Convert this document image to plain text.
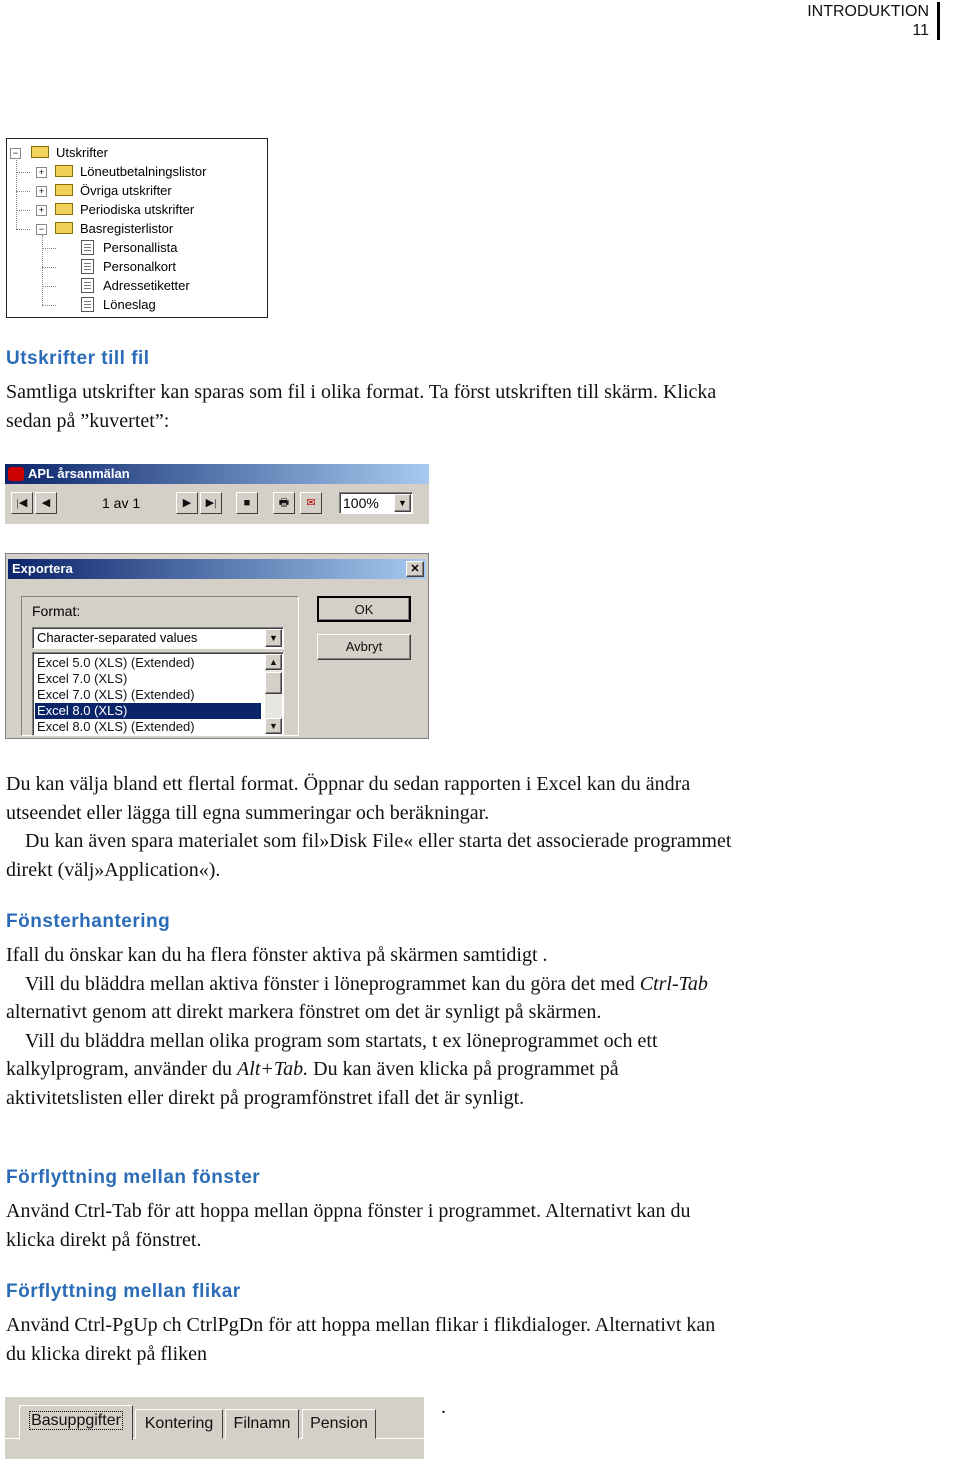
INTRODUKTION
11
−	Utskrifter
+	Löneutbetalningslistor
+	Övriga utskrifter
+	Periodiska utskrifter
−	Basregisterlistor
Personallista
Personalkort
Adressetiketter
Löneslag
Utskrifter till fil

Samtliga utskrifter kan sparas som fil i olika format. Ta först utskriften till skärm. Klicka sedan på ”kuvertet”:

APL årsanmälan
|◀	◀	1 av 1	▶	▶|	■	🖶	✉	100%	▼
Exportera	✕
Format:
Character-separated values	▼
Excel 5.0 (XLS) (Extended)
Excel 7.0 (XLS)
Excel 7.0 (XLS) (Extended)
Excel 8.0 (XLS)
Excel 8.0 (XLS) (Extended)
▲
▼
OK
Avbryt

Du kan välja bland ett flertal format. Öppnar du sedan rapporten i Excel kan du ändra utseendet eller lägga till egna summeringar och beräkningar.

Du kan även spara materialet som fil»Disk File« eller starta det associerade programmet direkt (välj»Application«).

Fönsterhantering

Ifall du önskar kan du ha flera fönster aktiva på skärmen samtidigt .

Vill du bläddra mellan aktiva fönster i löneprogrammet kan du göra det med Ctrl-Tab alternativt genom att direkt markera fönstret om det är synligt på skärmen.

Vill du bläddra mellan olika program som startats, t ex löneprogrammet och ett kalkylprogram, använder du Alt+Tab. Du kan även klicka på programmet på aktivitetslisten eller direkt på programfönstret ifall det är synligt.

Förflyttning mellan fönster

Använd Ctrl-Tab för att hoppa mellan öppna fönster i programmet. Alternativt kan du klicka direkt på fönstret.

Förflyttning mellan flikar

Använd Ctrl-PgUp ch CtrlPgDn för att hoppa mellan flikar i flikdialoger. Alternativt kan du klicka direkt på fliken

Basuppgifter	Kontering	Filnamn	Pension
.
